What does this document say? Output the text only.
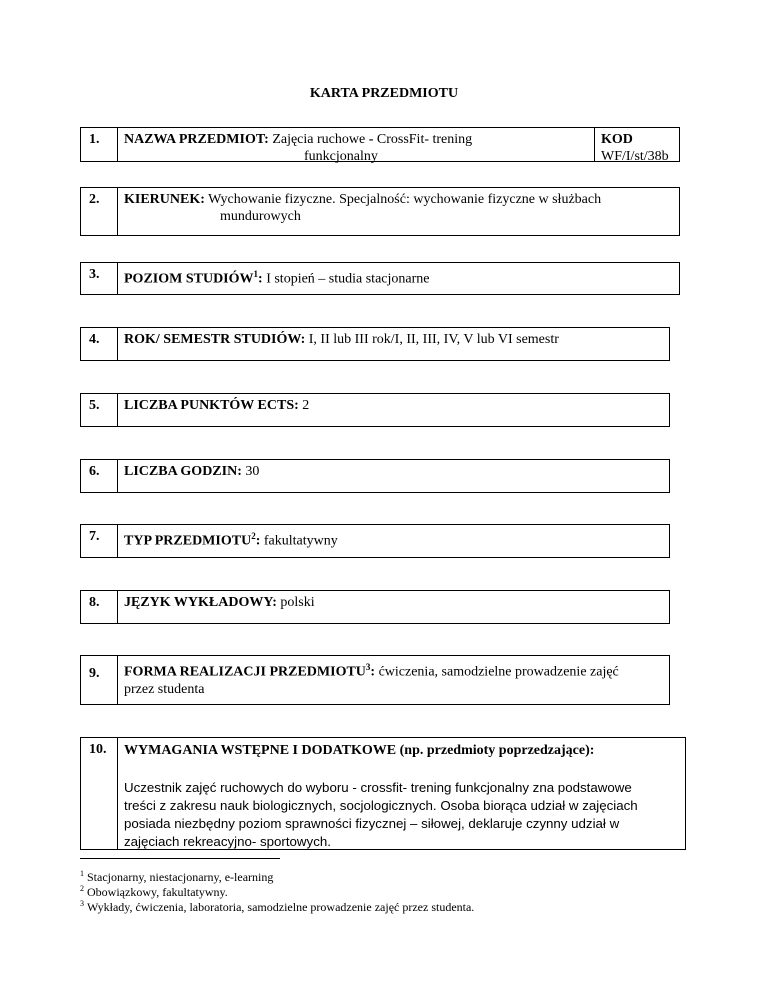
KARTA PRZEDMIOTU
1.	NAZWA PRZEDMIOT: Zajęcia ruchowe - CrossFit- trening
funkcjonalny
KOD
WF/I/st/38b
2.	KIERUNEK: Wychowanie fizyczne. Specjalność: wychowanie fizyczne w służbach
mundurowych
3.	POZIOM STUDIÓW$^1$: I stopień – studia stacjonarne
4.	ROK/ SEMESTR STUDIÓW: I, II lub III rok/I, II, III, IV, V lub VI semestr
5.	LICZBA PUNKTÓW ECTS: 2
6.	LICZBA GODZIN: 30
7.	TYP PRZEDMIOTU$^2$: fakultatywny
8.	JĘZYK WYKŁADOWY: polski
9.	FORMA REALIZACJI PRZEDMIOTU$^3$: ćwiczenia, samodzielne prowadzenie zajęć
przez studenta
10.	WYMAGANIA WSTĘPNE I DODATKOWE (np. przedmioty poprzedzające):
Uczestnik zajęć ruchowych do wyboru - crossfit- trening funkcjonalny zna podstawowe
treści z zakresu nauk biologicznych, socjologicznych. Osoba biorąca udział w zajęciach
posiada niezbędny poziom sprawności fizycznej – siłowej, deklaruje czynny udział w
zajęciach rekreacyjno- sportowych.
$^1$ Stacjonarny, niestacjonarny, e-learning
$^2$ Obowiązkowy, fakultatywny.
$^3$ Wykłady, ćwiczenia, laboratoria, samodzielne prowadzenie zajęć przez studenta.
